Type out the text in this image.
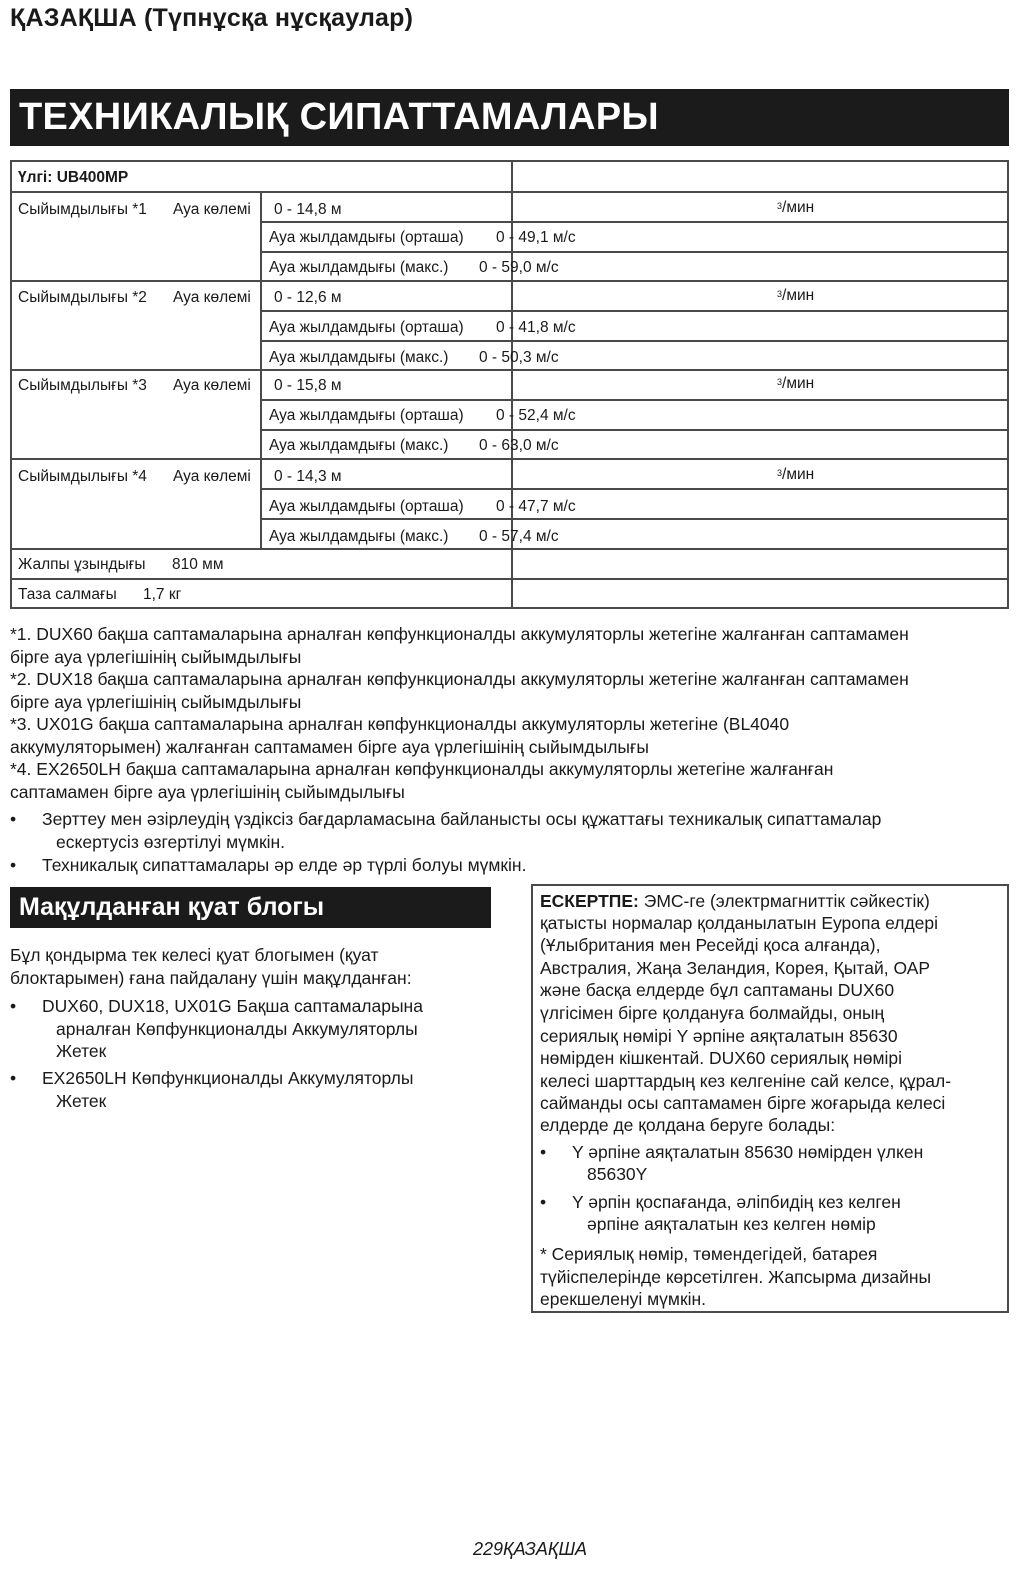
ҚАЗАҚША (Түпнұсқа нұсқаулар)
ТЕХНИКАЛЫҚ СИПАТТАМАЛАРЫ
Үлгі: UB400MP
Сыйымдылығы *1 Ауа көлемі 0 - 14,8 м	$^3$/мин
Ауа жылдамдығы (орташа) 0 - 49,1 м/с
Ауа жылдамдығы (макс.) 0 - 59,0 м/с
Сыйымдылығы *2 Ауа көлемі 0 - 12,6 м	$^3$/мин
Ауа жылдамдығы (орташа) 0 - 41,8 м/с
Ауа жылдамдығы (макс.) 0 - 50,3 м/с
Сыйымдылығы *3 Ауа көлемі 0 - 15,8 м	$^3$/мин
Ауа жылдамдығы (орташа) 0 - 52,4 м/с
Ауа жылдамдығы (макс.) 0 - 63,0 м/с
Сыйымдылығы *4 Ауа көлемі 0 - 14,3 м	$^3$/мин
Ауа жылдамдығы (орташа) 0 - 47,7 м/с
Ауа жылдамдығы (макс.) 0 - 57,4 м/с
Жалпы ұзындығы 810 мм
Таза салмағы 1,7 кг
*1. DUX60 бақша саптамаларына арналған көпфункционалды аккумуляторлы жетегіне жалғанған саптамамен
бірге ауа үрлегішінің сыйымдылығы
*2. DUX18 бақша саптамаларына арналған көпфункционалды аккумуляторлы жетегіне жалғанған саптамамен
бірге ауа үрлегішінің сыйымдылығы
*3. UX01G бақша саптамаларына арналған көпфункционалды аккумуляторлы жетегіне (BL4040
аккумуляторымен) жалғанған саптамамен бірге ауа үрлегішінің сыйымдылығы
*4. EX2650LH бақша саптамаларына арналған көпфункционалды аккумуляторлы жетегіне жалғанған
саптамамен бірге ауа үрлегішінің сыйымдылығы
• Зерттеу мен әзірлеудің үздіксіз бағдарламасына байланысты осы құжаттағы техникалық сипаттамалар
ескертусіз өзгертілуі мүмкін.
• Техникалық сипаттамалары әр елде әр түрлі болуы мүмкін.
Мақұлданған қуат блогы
Бұл қондырма тек келесі қуат блогымен (қуат
блоктарымен) ғана пайдалану үшін мақұлданған:
• DUX60, DUX18, UX01G Бақша саптамаларына
арналған Көпфункционалды Аккумуляторлы
Жетек
• EX2650LH Көпфункционалды Аккумуляторлы
Жетек
ЕСКЕРТПЕ: ЭМС-ге (электрмагниттік сәйкестік)
қатысты нормалар қолданылатын Еуропа елдері
(Ұлыбритания мен Ресейді қоса алғанда),
Австралия, Жаңа Зеландия, Корея, Қытай, ОАР
және басқа елдерде бұл саптаманы DUX60
үлгісімен бірге қолдануға болмайды, оның
сериялық нөмірі Y әрпіне аяқталатын 85630
нөмірден кішкентай. DUX60 сериялық нөмірі
келесі шарттардың кез келгеніне сай келсе, құрал-
сайманды осы саптамамен бірге жоғарыда келесі
елдерде де қолдана беруге болады:
• Y әрпіне аяқталатын 85630 нөмірден үлкен
85630Y
• Y әрпін қоспағанда, әліпбидің кез келген
әрпіне аяқталатын кез келген нөмір
* Сериялық нөмір, төмендегідей, батарея
түйіспелерінде көрсетілген. Жапсырма дизайны
ерекшеленуі мүмкін.
229ҚАЗАҚША
